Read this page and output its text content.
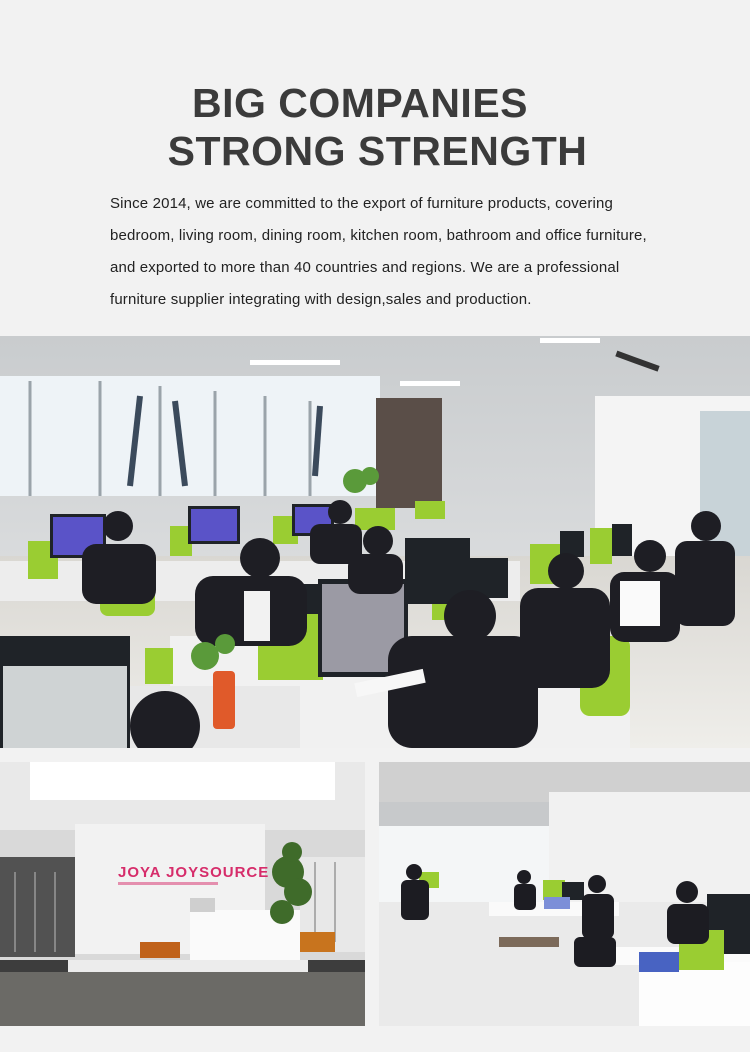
BIG COMPANIES
STRONG STRENGTH
Since 2014, we are committed to the export of furniture products, covering
bedroom, living room, dining room, kitchen room, bathroom and office furniture,
and exported to more than 40 countries and regions. We are a professional
furniture supplier integrating with design,sales and production.
JOYA JOYSOURCE
